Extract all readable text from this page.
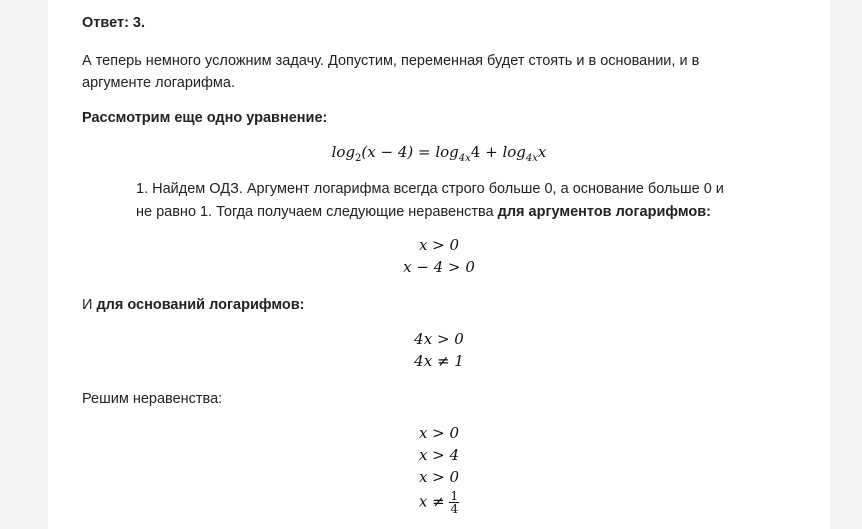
Ответ: 3.

А теперь немного усложним задачу. Допустим, переменная будет стоять и в основании, и в аргументе логарифма.

Рассмотрим еще одно уравнение:

$\log_2(x - 4) = \log_{4x}4 + \log_{4x}x$
1. Найдем ОДЗ. Аргумент логарифма всегда строго больше 0, а основание больше 0 и не равно 1. Тогда получаем следующие неравенства для аргументов логарифмов:
x > 0
x − 4 > 0

И для оснований логарифмов:

4x > 0
4x ≠ 1

Решим неравенства:

x > 0
x > 4
x > 0
$x \ne \frac{1}{4}$
